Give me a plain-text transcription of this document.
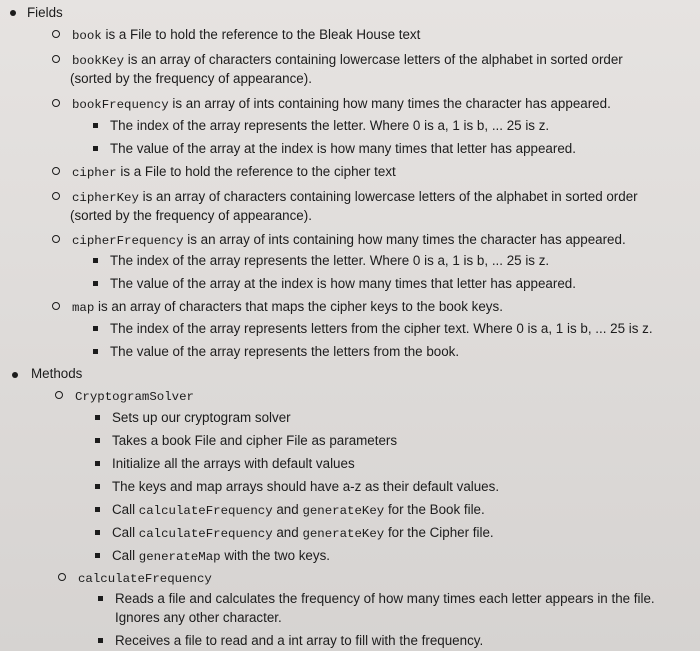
Fields
book is a File to hold the reference to the Bleak House text
bookKey is an array of characters containing lowercase letters of the alphabet in sorted order
(sorted by the frequency of appearance).
bookFrequency is an array of ints containing how many times the character has appeared.
The index of the array represents the letter. Where 0 is a, 1 is b, ... 25 is z.
The value of the array at the index is how many times that letter has appeared.
cipher is a File to hold the reference to the cipher text
cipherKey is an array of characters containing lowercase letters of the alphabet in sorted order
(sorted by the frequency of appearance).
cipherFrequency is an array of ints containing how many times the character has appeared.
The index of the array represents the letter. Where 0 is a, 1 is b, ... 25 is z.
The value of the array at the index is how many times that letter has appeared.
map is an array of characters that maps the cipher keys to the book keys.
The index of the array represents letters from the cipher text. Where 0 is a, 1 is b, ... 25 is z.
The value of the array represents the letters from the book.
Methods
CryptogramSolver
Sets up our cryptogram solver
Takes a book File and cipher File as parameters
Initialize all the arrays with default values
The keys and map arrays should have a-z as their default values.
Call calculateFrequency and generateKey for the Book file.
Call calculateFrequency and generateKey for the Cipher file.
Call generateMap with the two keys.
calculateFrequency
Reads a file and calculates the frequency of how many times each letter appears in the file.
Ignores any other character.
Receives a file to read and a int array to fill with the frequency.
